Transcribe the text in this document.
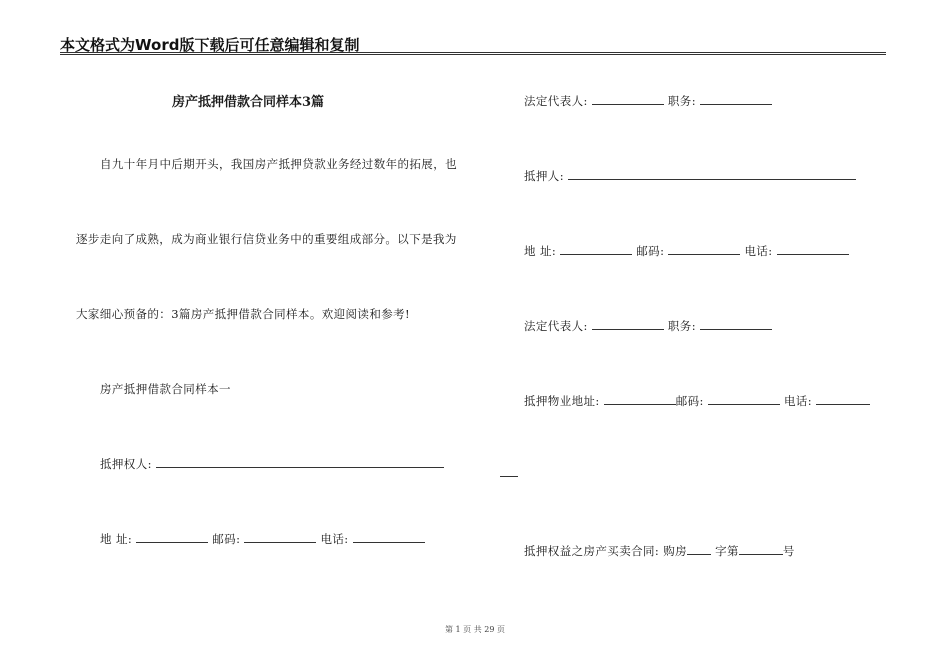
本文格式为Word版下载后可任意编辑和复制
房产抵押借款合同样本3篇
自九十年月中后期开头，我国房产抵押贷款业务经过数年的拓展，也
逐步走向了成熟，成为商业银行信贷业务中的重要组成部分。以下是我为
大家细心预备的：3篇房产抵押借款合同样本。欢迎阅读和参考!
房产抵押借款合同样本一
抵押权人:
地 址:	邮码:	电话:
法定代表人:	职务:
抵押人:
地 址:	邮码:	电话:
法定代表人:	职务:
抵押物业地址:	邮码:	电话:
抵押权益之房产买卖合同: 购房 字第	号
第 1 页 共 29 页
